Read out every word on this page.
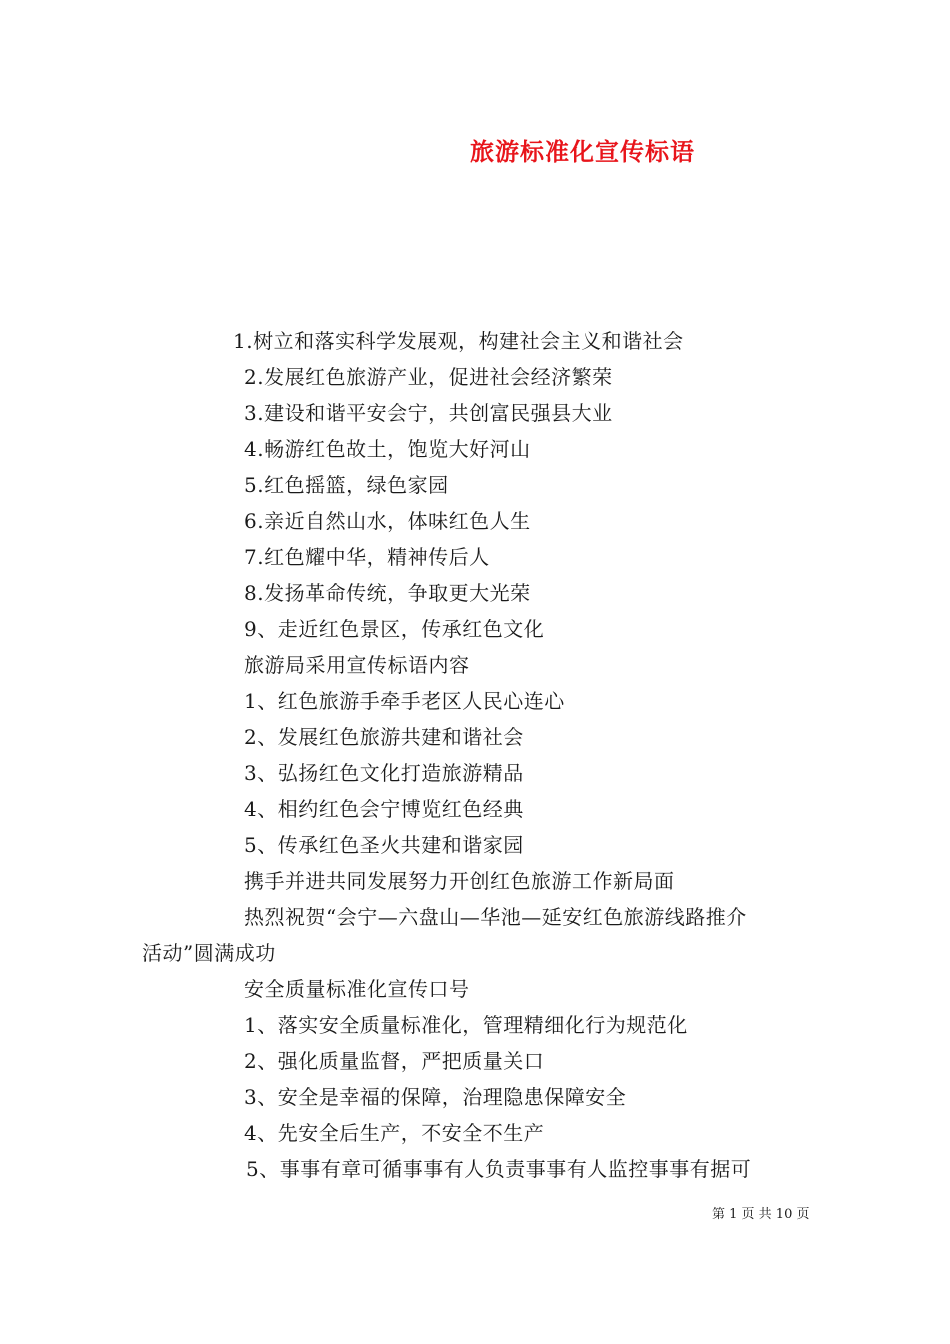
旅游标准化宣传标语
1.树立和落实科学发展观，构建社会主义和谐社会
2.发展红色旅游产业，促进社会经济繁荣
3.建设和谐平安会宁，共创富民强县大业
4.畅游红色故土，饱览大好河山
5.红色摇篮，绿色家园
6.亲近自然山水，体味红色人生
7.红色耀中华，精神传后人
8.发扬革命传统，争取更大光荣
9、走近红色景区，传承红色文化
旅游局采用宣传标语内容
1、红色旅游手牵手老区人民心连心
2、发展红色旅游共建和谐社会
3、弘扬红色文化打造旅游精品
4、相约红色会宁博览红色经典
5、传承红色圣火共建和谐家园
携手并进共同发展努力开创红色旅游工作新局面
热烈祝贺“会宁—六盘山—华池—延安红色旅游线路推介
活动”圆满成功
安全质量标准化宣传口号
1、落实安全质量标准化，管理精细化行为规范化
2、强化质量监督，严把质量关口
3、安全是幸福的保障，治理隐患保障安全
4、先安全后生产，不安全不生产
5、事事有章可循事事有人负责事事有人监控事事有据可
第 1 页 共 10 页
